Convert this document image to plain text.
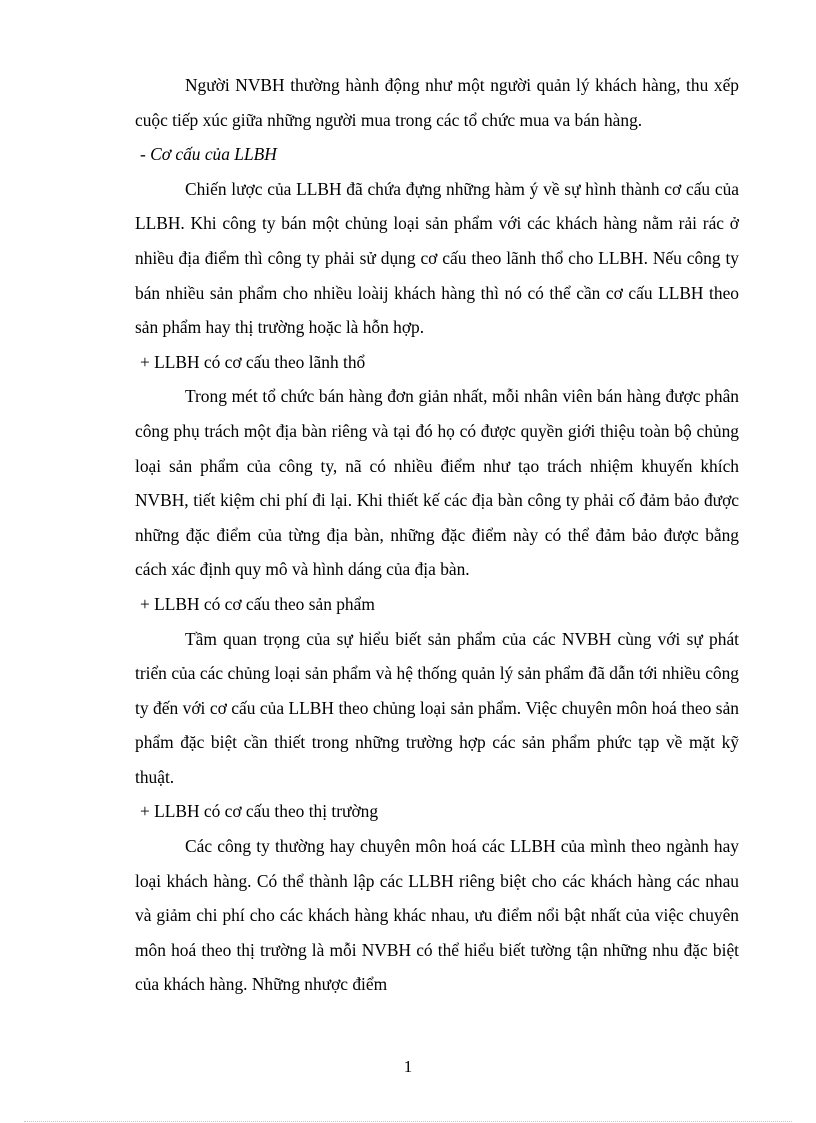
Người NVBH thường hành động như một người quản lý khách hàng, thu xếp cuộc tiếp xúc giữa những người mua trong các tổ chức mua va bán hàng.

- Cơ cấu của LLBH

Chiến lược của LLBH đã chứa đựng những hàm ý về sự hình thành cơ cấu của LLBH. Khi công ty bán một chủng loại sản phẩm với các khách hàng nằm rải rác ở nhiều địa điểm thì công ty phải sử dụng cơ cấu theo lãnh thổ cho LLBH. Nếu công ty bán nhiều sản phẩm cho nhiều loàij khách hàng thì nó có thể cần cơ cấu LLBH theo sản phẩm hay thị trường hoặc là hỗn hợp.

+ LLBH có cơ cấu theo lãnh thổ

Trong mét tổ chức bán hàng đơn giản nhất, mỗi nhân viên bán hàng được phân công phụ trách một địa bàn riêng và tại đó họ có được quyền giới thiệu toàn bộ chủng loại sản phẩm của công ty, nã có nhiều điểm như tạo trách nhiệm khuyến khích NVBH, tiết kiệm chi phí đi lại. Khi thiết kế các địa bàn công ty phải cố đảm bảo được những đặc điểm của từng địa bàn, những đặc điểm này có thể đảm bảo được bằng cách xác định quy mô và hình dáng của địa bàn.

+ LLBH có cơ cấu theo sản phẩm

Tầm quan trọng của sự hiểu biết sản phẩm của các NVBH cùng với sự phát triển của các chủng loại sản phẩm và hệ thống quản lý sản phẩm đã dẫn tới nhiều công ty đến với cơ cấu của LLBH theo chủng loại sản phẩm. Việc chuyên môn hoá theo sản phẩm đặc biệt cần thiết trong những trường hợp các sản phẩm phức tạp về mặt kỹ thuật.

+ LLBH có cơ cấu theo thị trường

Các công ty thường hay chuyên môn hoá các LLBH của mình theo ngành hay loại khách hàng. Có thể thành lập các LLBH riêng biệt cho các khách hàng các nhau và giảm chi phí cho các khách hàng khác nhau, ưu điểm nổi bật nhất của việc chuyên môn hoá theo thị trường là mỗi NVBH có thể hiểu biết tường tận những nhu đặc biệt của khách hàng. Những nhược điểm

1
